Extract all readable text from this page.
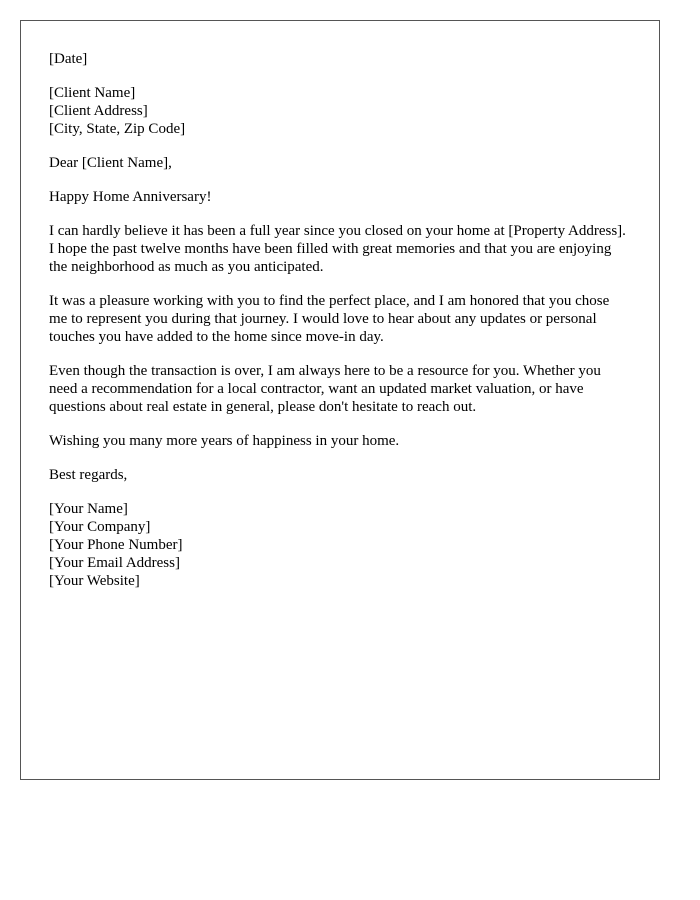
[Date]
[Client Name]
[Client Address]
[City, State, Zip Code]
Dear [Client Name],
Happy Home Anniversary!

I can hardly believe it has been a full year since you closed on your home at [Property Address]. I hope the past twelve months have been filled with great memories and that you are enjoying the neighborhood as much as you anticipated.

It was a pleasure working with you to find the perfect place, and I am honored that you chose me to represent you during that journey. I would love to hear about any updates or personal touches you have added to the home since move-in day.

Even though the transaction is over, I am always here to be a resource for you. Whether you need a recommendation for a local contractor, want an updated market valuation, or have questions about real estate in general, please don't hesitate to reach out.

Wishing you many more years of happiness in your home.

Best regards,
[Your Name]
[Your Company]
[Your Phone Number]
[Your Email Address]
[Your Website]
